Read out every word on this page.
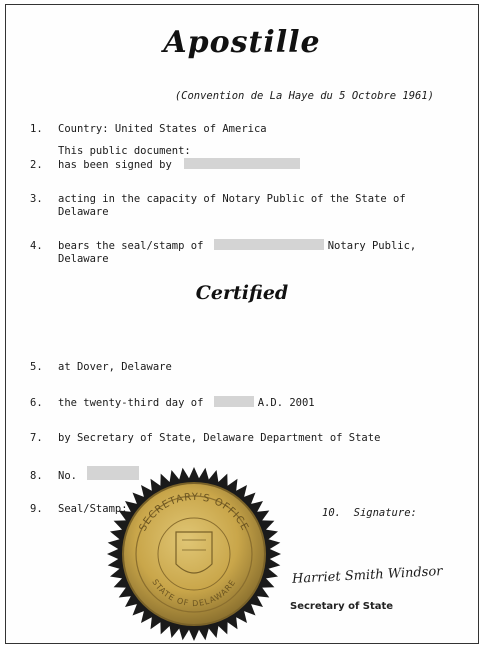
Apostille
(Convention de La Haye du 5 Octobre 1961)
1. Country: United States of America
This public document:
2. has been signed by
3. acting in the capacity of Notary Public of the State of
Delaware
4. bears the seal/stamp of	Notary Public,
Delaware
Certified
5. at Dover, Delaware
6. the twenty-third day of	A.D. 2001
7. by Secretary of State, Delaware Department of State
8. No.
9. Seal/Stamp:	10. Signature:
SECRETARY'S OFFICE
STATE OF DELAWARE	Harriet Smith Windsor
Secretary of State
